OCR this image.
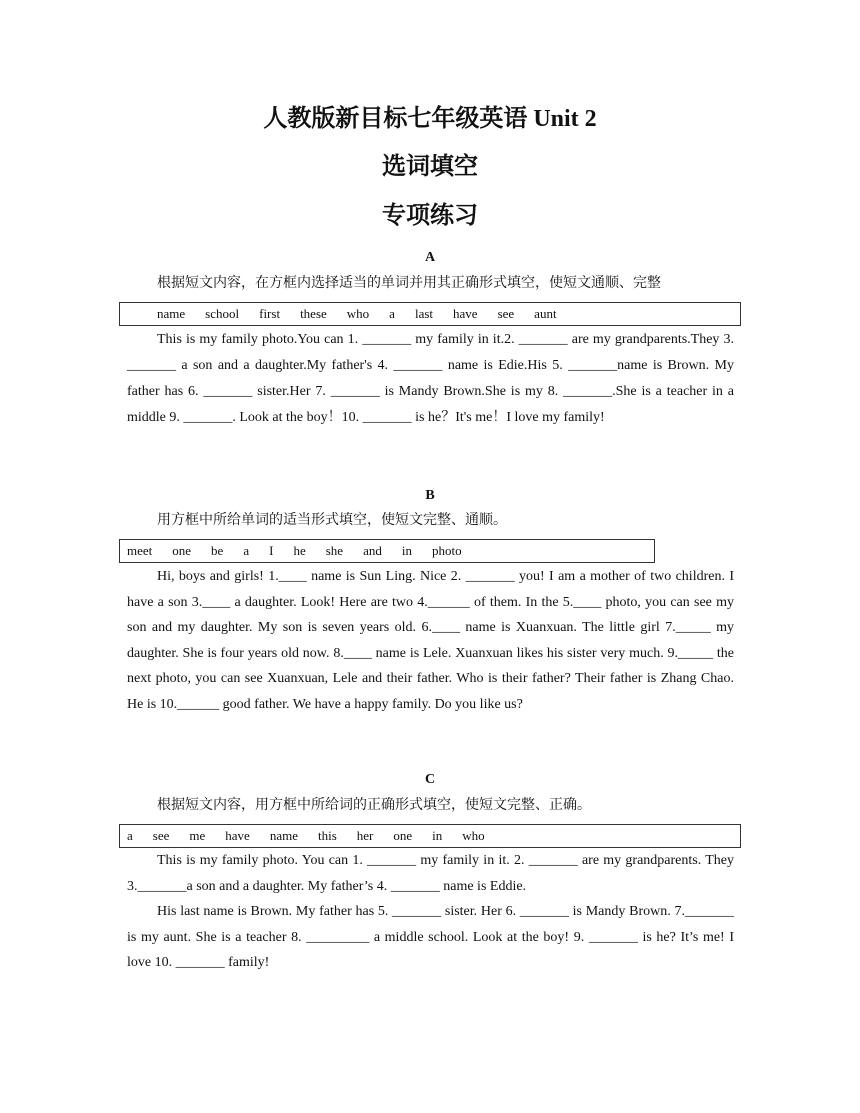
人教版新目标七年级英语 Unit 2
选词填空
专项练习
A
根据短文内容，在方框内选择适当的单词并用其正确形式填空，使短文通顺、完整
name school first these who a last have see aunt

This is my family photo.You can 1. _______ my family in it.2. _______ are my grandparents.They 3. _______ a son and a daughter.My father's 4. _______ name is Edie.His 5. _______name is Brown. My father has 6. _______ sister.Her 7. _______ is Mandy Brown.She is my 8. _______.She is a teacher in a middle 9. _______. Look at the boy！10. _______ is he？It's me！I love my family!

B
用方框中所给单词的适当形式填空，使短文完整、通顺。
meet one be a I he she and in photo

Hi, boys and girls! 1.____ name is Sun Ling. Nice 2. _______ you! I am a mother of two children. I have a son 3.____ a daughter. Look! Here are two 4.______ of them. In the 5.____ photo, you can see my son and my daughter. My son is seven years old. 6.____ name is Xuanxuan. The little girl 7._____ my daughter. She is four years old now. 8.____ name is Lele. Xuanxuan likes his sister very much. 9._____ the next photo, you can see Xuanxuan, Lele and their father. Who is their father? Their father is Zhang Chao. He is 10.______ good father. We have a happy family. Do you like us?

C
根据短文内容，用方框中所给词的正确形式填空，使短文完整、正确。
a see me have name this her one in who

This is my family photo. You can 1. _______ my family in it. 2. _______ are my grandparents. They 3._______a son and a daughter. My father’s 4. _______ name is Eddie.

His last name is Brown. My father has 5. _______ sister. Her 6. _______ is Mandy Brown. 7._______ is my aunt. She is a teacher 8. _________ a middle school. Look at the boy! 9. _______ is he? It’s me! I love 10. _______ family!
